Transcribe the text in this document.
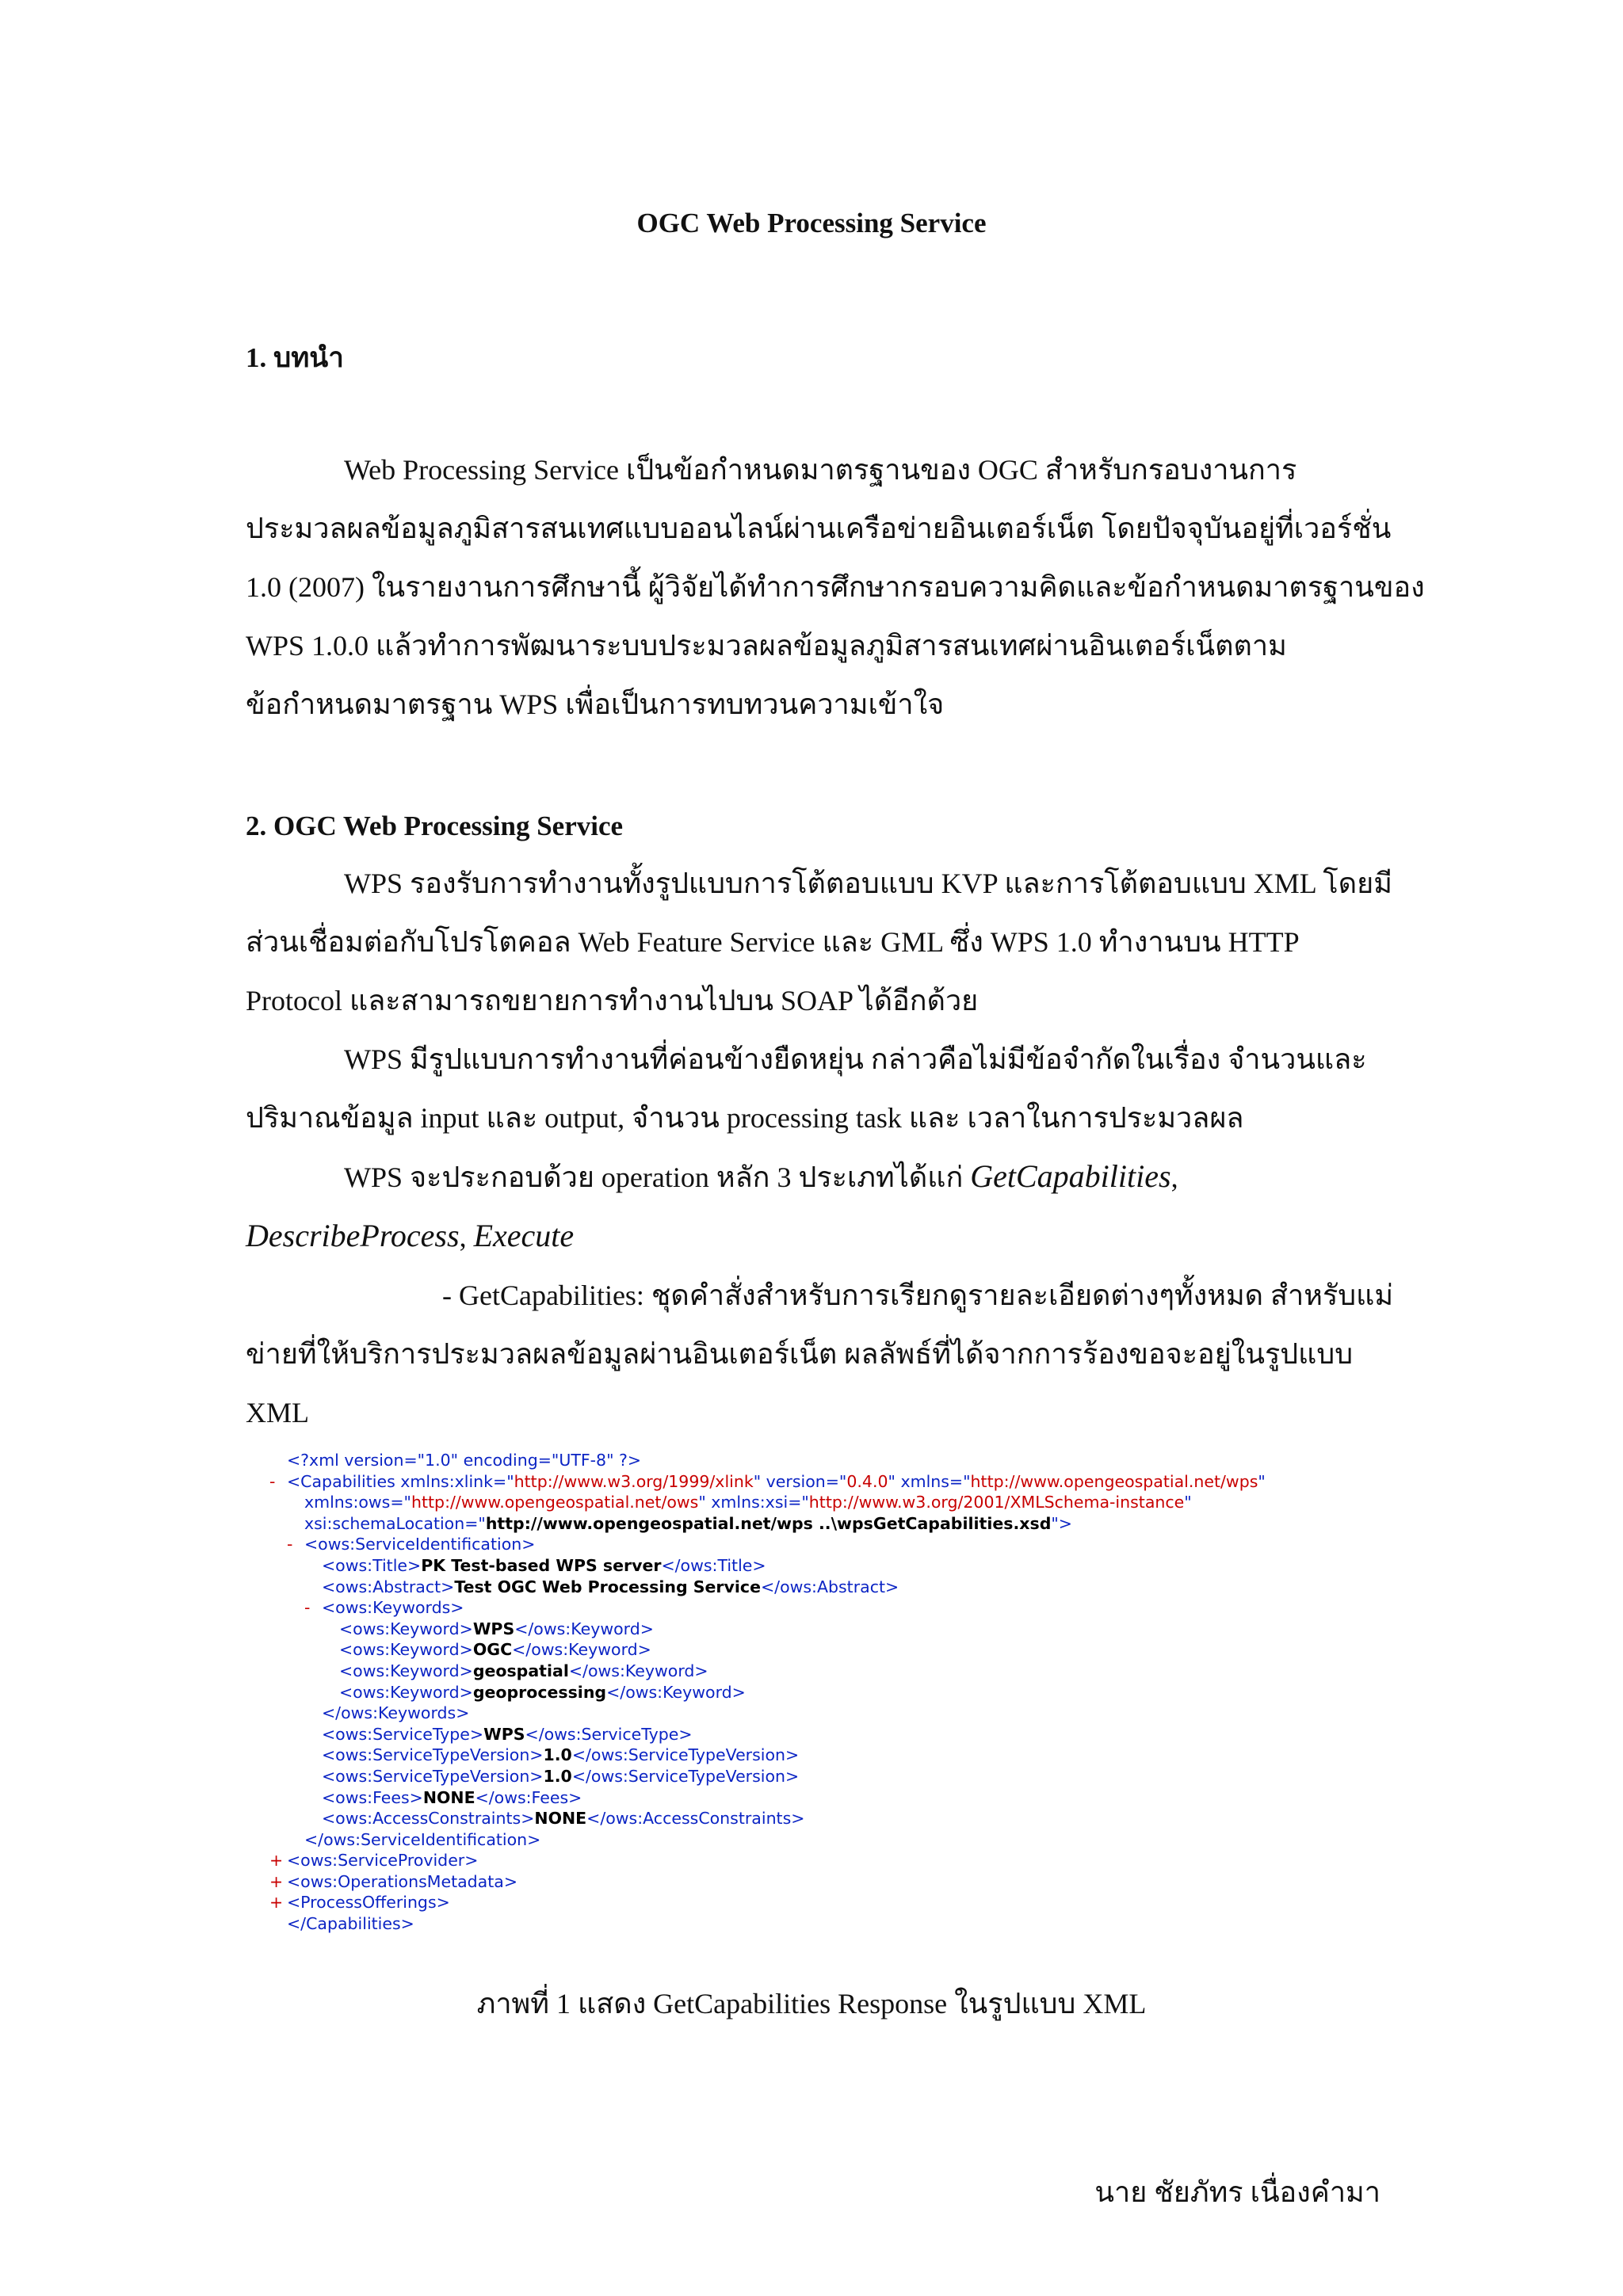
OGC Web Processing Service
1. บทนำ
Web Processing Service เป็นข้อกำหนดมาตรฐานของ OGC สำหรับกรอบงานการ
ประมวลผลข้อมูลภูมิสารสนเทศแบบออนไลน์ผ่านเครือข่ายอินเตอร์เน็ต โดยปัจจุบันอยู่ที่เวอร์ชั่น
1.0 (2007) ในรายงานการศึกษานี้ ผู้วิจัยได้ทำการศึกษากรอบความคิดและข้อกำหนดมาตรฐานของ
WPS 1.0.0 แล้วทำการพัฒนาระบบประมวลผลข้อมูลภูมิสารสนเทศผ่านอินเตอร์เน็ตตาม
ข้อกำหนดมาตรฐาน WPS เพื่อเป็นการทบทวนความเข้าใจ
2. OGC Web Processing Service
WPS รองรับการทำงานทั้งรูปแบบการโต้ตอบแบบ KVP และการโต้ตอบแบบ XML โดยมี
ส่วนเชื่อมต่อกับโปรโตคอล Web Feature Service และ GML ซึ่ง WPS 1.0 ทำงานบน HTTP
Protocol และสามารถขยายการทำงานไปบน SOAP ได้อีกด้วย
WPS มีรูปแบบการทำงานที่ค่อนข้างยืดหยุ่น กล่าวคือไม่มีข้อจำกัดในเรื่อง จำนวนและ
ปริมาณข้อมูล input และ output, จำนวน processing task และ เวลาในการประมวลผล
WPS จะประกอบด้วย operation หลัก 3 ประเภทได้แก่ GetCapabilities,
DescribeProcess, Execute
- GetCapabilities: ชุดคำสั่งสำหรับการเรียกดูรายละเอียดต่างๆทั้งหมด สำหรับแม่
ข่ายที่ให้บริการประมวลผลข้อมูลผ่านอินเตอร์เน็ต ผลลัพธ์ที่ได้จากการร้องขอจะอยู่ในรูปแบบ
XML
<?xml version="1.0" encoding="UTF-8" ?>
- <Capabilities xmlns:xlink="http://www.w3.org/1999/xlink" version="0.4.0" xmlns="http://www.opengeospatial.net/wps"
xmlns:ows="http://www.opengeospatial.net/ows" xmlns:xsi="http://www.w3.org/2001/XMLSchema-instance"
xsi:schemaLocation="http://www.opengeospatial.net/wps ..\wpsGetCapabilities.xsd">
- <ows:ServiceIdentification>
<ows:Title>PK Test-based WPS server</ows:Title>
<ows:Abstract>Test OGC Web Processing Service</ows:Abstract>
- <ows:Keywords>
<ows:Keyword>WPS</ows:Keyword>
<ows:Keyword>OGC</ows:Keyword>
<ows:Keyword>geospatial</ows:Keyword>
<ows:Keyword>geoprocessing</ows:Keyword>
</ows:Keywords>
<ows:ServiceType>WPS</ows:ServiceType>
<ows:ServiceTypeVersion>1.0</ows:ServiceTypeVersion>
<ows:ServiceTypeVersion>1.0</ows:ServiceTypeVersion>
<ows:Fees>NONE</ows:Fees>
<ows:AccessConstraints>NONE</ows:AccessConstraints>
</ows:ServiceIdentification>
+ <ows:ServiceProvider>
+ <ows:OperationsMetadata>
+ <ProcessOfferings>
</Capabilities>
ภาพที่ 1 แสดง GetCapabilities Response ในรูปแบบ XML
นาย ชัยภัทร เนื่องคำมา
